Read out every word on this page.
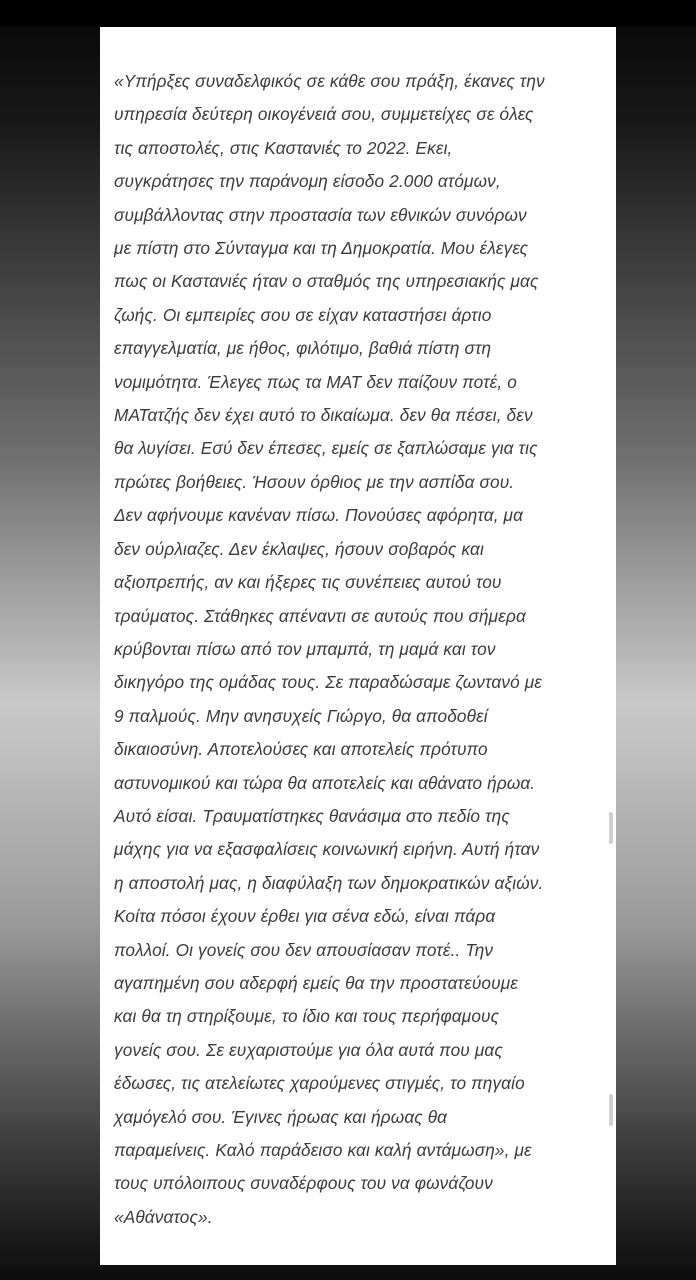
«Υπήρξες συναδελφικός σε κάθε σου πράξη, έκανες την
υπηρεσία δεύτερη οικογένειά σου, συμμετείχες σε όλες
τις αποστολές, στις Καστανιές το 2022. Εκει,
συγκράτησες την παράνομη είσοδο 2.000 ατόμων,
συμβάλλοντας στην προστασία των εθνικών συνόρων
με πίστη στο Σύνταγμα και τη Δημοκρατία. Μου έλεγες
πως οι Καστανιές ήταν ο σταθμός της υπηρεσιακής μας
ζωής. Οι εμπειρίες σου σε είχαν καταστήσει άρτιο
επαγγελματία, με ήθος, φιλότιμο, βαθιά πίστη στη
νομιμότητα. Έλεγες πως τα ΜΑΤ δεν παίζουν ποτέ, ο
ΜΑΤατζής δεν έχει αυτό το δικαίωμα. δεν θα πέσει, δεν
θα λυγίσει. Εσύ δεν έπεσες, εμείς σε ξαπλώσαμε για τις
πρώτες βοήθειες. Ήσουν όρθιος με την ασπίδα σου.
Δεν αφήνουμε κανέναν πίσω. Πονούσες αφόρητα, μα
δεν ούρλιαζες. Δεν έκλαψες, ήσουν σοβαρός και
αξιοπρεπής, αν και ήξερες τις συνέπειες αυτού του
τραύματος. Στάθηκες απέναντι σε αυτούς που σήμερα
κρύβονται πίσω από τον μπαμπά, τη μαμά και τον
δικηγόρο της ομάδας τους. Σε παραδώσαμε ζωντανό με
9 παλμούς. Μην ανησυχείς Γιώργο, θα αποδοθεί
δικαιοσύνη. Αποτελούσες και αποτελείς πρότυπο
αστυνομικού και τώρα θα αποτελείς και αθάνατο ήρωα.
Αυτό είσαι. Τραυματίστηκες θανάσιμα στο πεδίο της
μάχης για να εξασφαλίσεις κοινωνική ειρήνη. Αυτή ήταν
η αποστολή μας, η διαφύλαξη των δημοκρατικών αξιών.
Κοίτα πόσοι έχουν έρθει για σένα εδώ, είναι πάρα
πολλοί. Οι γονείς σου δεν απουσίασαν ποτέ.. Την
αγαπημένη σου αδερφή εμείς θα την προστατεύουμε
και θα τη στηρίξουμε, το ίδιο και τους περήφαμους
γονείς σου. Σε ευχαριστούμε για όλα αυτά που μας
έδωσες, τις ατελείωτες χαρούμενες στιγμές, το πηγαίο
χαμόγελό σου. Έγινες ήρωας και ήρωας θα
παραμείνεις. Καλό παράδεισο και καλή αντάμωση», με
τους υπόλοιπους συναδέρφους του να φωνάζουν
«Αθάνατος».
